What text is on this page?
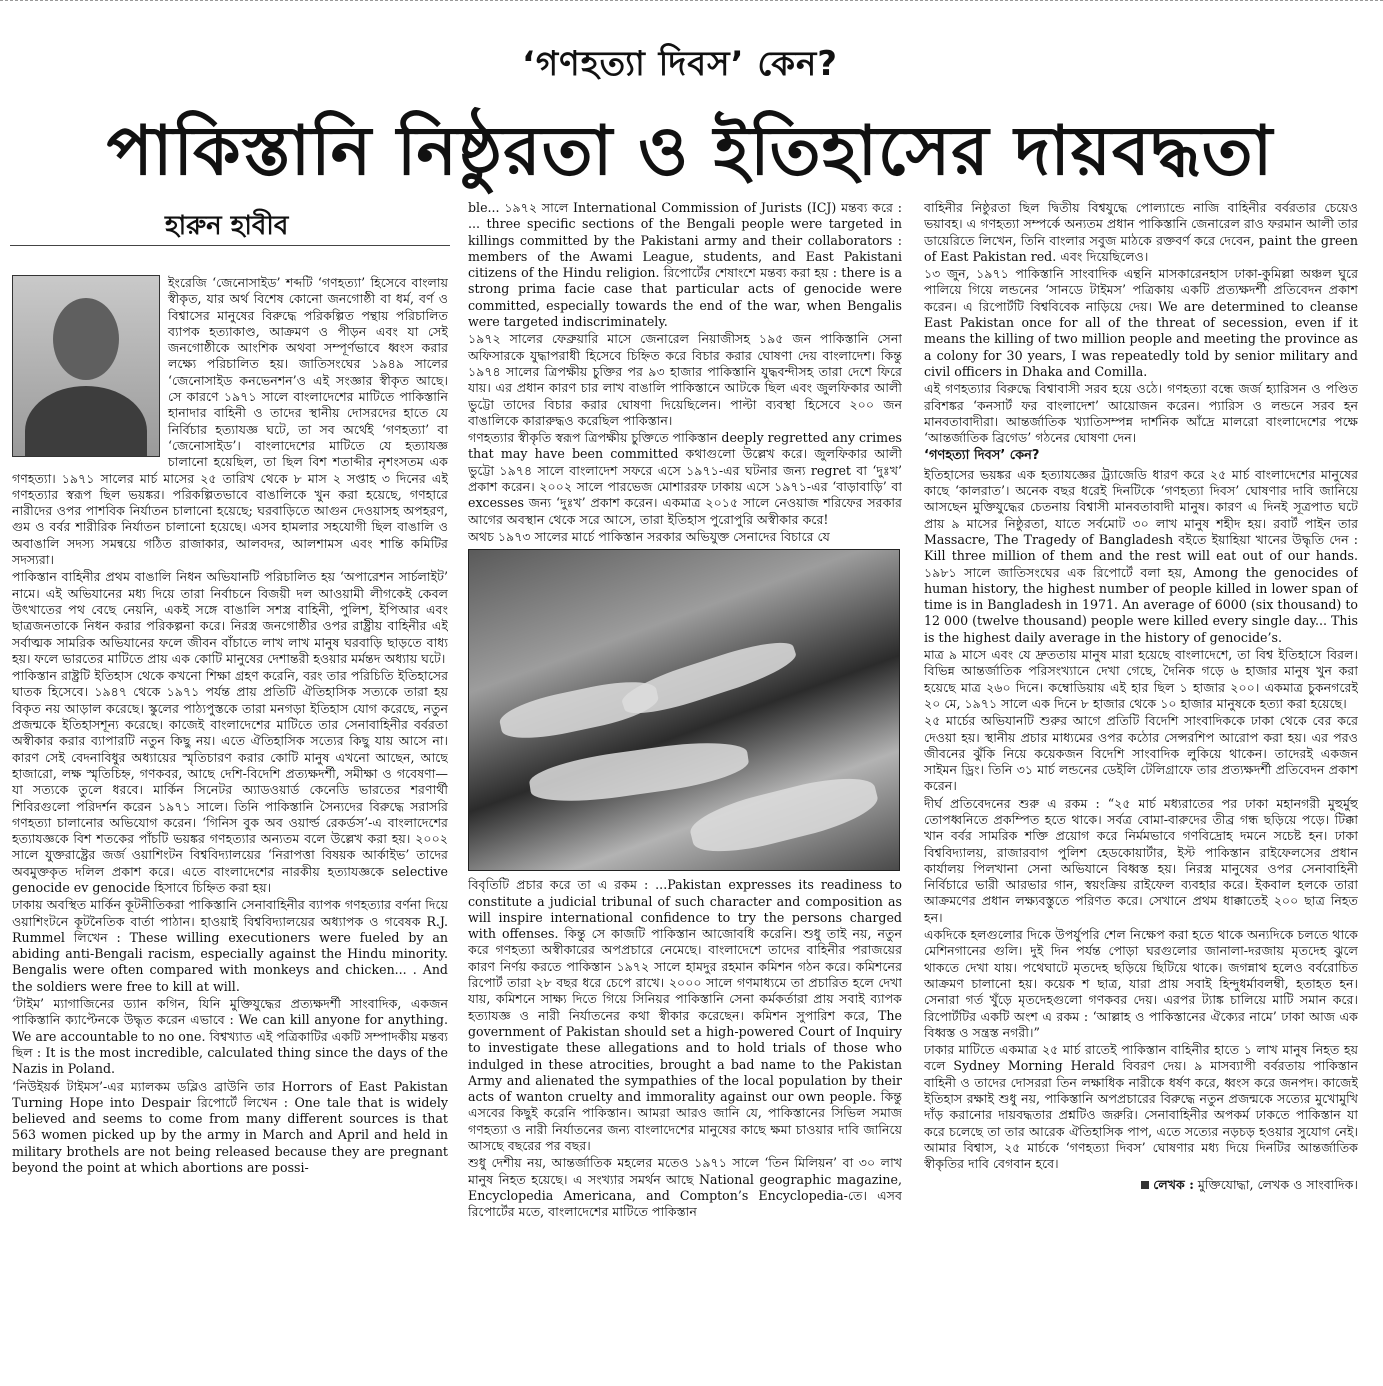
‘গণহত্যা দিবস’ কেন?
পাকিস্তানি নিষ্ঠুরতা ও ইতিহাসের দায়বদ্ধতা
হারুন হাবীব

ইংরেজি ‘জেনোসাইড’ শব্দটি ‘গণহত্যা’ হিসেবে বাংলায় স্বীকৃত, যার অর্থ বিশেষ কোনো জনগোষ্ঠী বা ধর্ম, বর্ণ ও বিশ্বাসের মানুষের বিরুদ্ধে পরিকল্পিত পন্থায় পরিচালিত ব্যাপক হত্যাকাণ্ড, আক্রমণ ও পীড়ন এবং যা সেই জনগোষ্ঠীকে আংশিক অথবা সম্পূর্ণভাবে ধ্বংস করার লক্ষ্যে পরিচালিত হয়। জাতিসংঘের ১৯৪৯ সালের ‘জেনোসাইড কনভেনশন’ও এই সংজ্ঞার স্বীকৃত আছে। সে কারণে ১৯৭১ সালে বাংলাদেশের মাটিতে পাকিস্তানি হানাদার বাহিনী ও তাদের স্থানীয় দোসরদের হাতে যে নির্বিচার হত্যাযজ্ঞ ঘটে, তা সব অর্থেই ‘গণহত্যা’ বা ‘জেনোসাইড’। বাংলাদেশের মাটিতে যে হত্যাযজ্ঞ চালানো হয়েছিল, তা ছিল বিশ শতাব্দীর নৃশংসতম এক গণহত্যা। ১৯৭১ সালের মার্চ মাসের ২৫ তারিখ থেকে ৮ মাস ২ সপ্তাহ ৩ দিনের এই গণহত্যার স্বরূপ ছিল ভয়ঙ্কর। পরিকল্পিতভাবে বাঙালিকে খুন করা হয়েছে, গণহারে নারীদের ওপর পাশবিক নির্যাতন চালানো হয়েছে; ঘরবাড়িতে আগুন দেওয়াসহ অপহরণ, গুম ও বর্বর শারীরিক নির্যাতন চালানো হয়েছে। এসব হামলার সহযোগী ছিল বাঙালি ও অবাঙালি সদস্য সমন্বয়ে গঠিত রাজাকার, আলবদর, আলশামস এবং শান্তি কমিটির সদস্যরা।

পাকিস্তান বাহিনীর প্রথম বাঙালি নিধন অভিযানটি পরিচালিত হয় ‘অপারেশন সার্চলাইট’ নামে। এই অভিযানের মধ্য দিয়ে তারা নির্বাচনে বিজয়ী দল আওয়ামী লীগকেই কেবল উৎখাতের পথ বেছে নেয়নি, একই সঙ্গে বাঙালি সশস্ত্র বাহিনী, পুলিশ, ইপিআর এবং ছাত্রজনতাকে নিধন করার পরিকল্পনা করে। নিরস্ত্র জনগোষ্ঠীর ওপর রাষ্ট্রীয় বাহিনীর এই সর্বাত্মক সামরিক অভিযানের ফলে জীবন বাঁচাতে লাখ লাখ মানুষ ঘরবাড়ি ছাড়তে বাধ্য হয়। ফলে ভারতের মাটিতে প্রায় এক কোটি মানুষের দেশান্তরী হওয়ার মর্মন্তদ অধ্যায় ঘটে।

পাকিস্তান রাষ্ট্রটি ইতিহাস থেকে কখনো শিক্ষা গ্রহণ করেনি, বরং তার পরিচিতি ইতিহাসের ঘাতক হিসেবে। ১৯৪৭ থেকে ১৯৭১ পর্যন্ত প্রায় প্রতিটি ঐতিহাসিক সত্যকে তারা হয় বিকৃত নয় আড়াল করেছে। স্কুলের পাঠ্যপুস্তকে তারা মনগড়া ইতিহাস যোগ করেছে, নতুন প্রজন্মকে ইতিহাসশূন্য করেছে। কাজেই বাংলাদেশের মাটিতে তার সেনাবাহিনীর বর্বরতা অস্বীকার করার ব্যাপারটি নতুন কিছু নয়। এতে ঐতিহাসিক সত্যের কিছু যায় আসে না। কারণ সেই বেদনাবিধুর অধ্যায়ের স্মৃতিচারণ করার কোটি মানুষ এখনো আছেন, আছে হাজারো, লক্ষ স্মৃতিচিহ্ন, গণকবর, আছে দেশি-বিদেশি প্রত্যক্ষদর্শী, সমীক্ষা ও গবেষণা— যা সত্যকে তুলে ধরবে। মার্কিন সিনেটর অ্যাডওয়ার্ড কেনেডি ভারতের শরণার্থী শিবিরগুলো পরিদর্শন করেন ১৯৭১ সালে। তিনি পাকিস্তানি সৈন্যদের বিরুদ্ধে সরাসরি গণহত্যা চালানোর অভিযোগ করেন। ‘গিনিস বুক অব ওয়ার্ল্ড রেকর্ডস’-এ বাংলাদেশের হত্যাযজ্ঞকে বিশ শতকের পাঁচটি ভয়ঙ্কর গণহত্যার অন্যতম বলে উল্লেখ করা হয়। ২০০২ সালে যুক্তরাষ্ট্রের জর্জ ওয়াশিংটন বিশ্ববিদ্যালয়ের ‘নিরাপত্তা বিষয়ক আর্কাইভ’ তাদের অবমুক্তকৃত দলিল প্রকাশ করে। এতে বাংলাদেশের নারকীয় হত্যাযজ্ঞকে selective genocide ev genocide হিসাবে চিহ্নিত করা হয়।

ঢাকায় অবস্থিত মার্কিন কূটনীতিকরা পাকিস্তানি সেনাবাহিনীর ব্যাপক গণহত্যার বর্ণনা দিয়ে ওয়াশিংটনে কূটনৈতিক বার্তা পাঠান। হাওয়াই বিশ্ববিদ্যালয়ের অধ্যাপক ও গবেষক R.J. Rummel লিখেন : These willing executioners were fueled by an abiding anti-Bengali racism, especially against the Hindu minority. Bengalis were often compared with monkeys and chicken... . And the soldiers were free to kill at will.

‘টাইম’ ম্যাগাজিনের ড্যান কগিন, যিনি মুক্তিযুদ্ধের প্রত্যক্ষদর্শী সাংবাদিক, একজন পাকিস্তানি ক্যাপ্টেনকে উদ্ধৃত করেন এভাবে : We can kill anyone for anything. We are accountable to no one. বিশ্বখ্যাত এই পত্রিকাটির একটি সম্পাদকীয় মন্তব্য ছিল : It is the most incredible, calculated thing since the days of the Nazis in Poland.

‘নিউইয়র্ক টাইমস’-এর ম্যালকম ডব্লিও ব্রাউনি তার Horrors of East Pakistan Turning Hope into Despair রিপোর্টে লিখেন : One tale that is widely believed and seems to come from many different sources is that 563 women picked up by the army in March and April and held in military brothels are not being released because they are pregnant beyond the point at which abortions are possi-

ble... ১৯৭২ সালে International Commission of Jurists (ICJ) মন্তব্য করে : ... three specific sections of the Bengali people were targeted in killings committed by the Pakistani army and their collaborators : members of the Awami League, students, and East Pakistani citizens of the Hindu religion. রিপোর্টের শেষাংশে মন্তব্য করা হয় : there is a strong prima facie case that particular acts of genocide were committed, especially towards the end of the war, when Bengalis were targeted indiscriminately.

১৯৭২ সালের ফেব্রুয়ারি মাসে জেনারেল নিয়াজীসহ ১৯৫ জন পাকিস্তানি সেনা অফিসারকে যুদ্ধাপরাধী হিসেবে চিহ্নিত করে বিচার করার ঘোষণা দেয় বাংলাদেশ। কিন্তু ১৯৭৪ সালের ত্রিপক্ষীয় চুক্তির পর ৯৩ হাজার পাকিস্তানি যুদ্ধবন্দীসহ তারা দেশে ফিরে যায়। এর প্রধান কারণ চার লাখ বাঙালি পাকিস্তানে আটকে ছিল এবং জুলফিকার আলী ভুট্টো তাদের বিচার করার ঘোষণা দিয়েছিলেন। পাল্টা ব্যবস্থা হিসেবে ২০০ জন বাঙালিকে কারারুদ্ধও করেছিল পাকিস্তান।

গণহত্যার স্বীকৃতি স্বরূপ ত্রিপক্ষীয় চুক্তিতে পাকিস্তান deeply regretted any crimes that may have been committed কথাগুলো উল্লেখ করে। জুলফিকার আলী ভুট্টো ১৯৭৪ সালে বাংলাদেশ সফরে এসে ১৯৭১-এর ঘটনার জন্য regret বা ‘দুঃখ’ প্রকাশ করেন। ২০০২ সালে পারভেজ মোশাররফ ঢাকায় এসে ১৯৭১-এর ‘বাড়াবাড়ি’ বা excesses জন্য ‘দুঃখ’ প্রকাশ করেন। একমাত্র ২০১৫ সালে নেওয়াজ শরিফের সরকার আগের অবস্থান থেকে সরে আসে, তারা ইতিহাস পুরোপুরি অস্বীকার করে!

অথচ ১৯৭৩ সালের মার্চে পাকিস্তান সরকার অভিযুক্ত সেনাদের বিচারে যে

বিবৃতিটি প্রচার করে তা এ রকম : ...Pakistan expresses its readiness to constitute a judicial tribunal of such character and composition as will inspire international confidence to try the persons charged with offenses. কিন্তু সে কাজটি পাকিস্তান আজোবধি করেনি। শুধু তাই নয়, নতুন করে গণহত্যা অস্বীকারের অপপ্রচারে নেমেছে। বাংলাদেশে তাদের বাহিনীর পরাজয়ের কারণ নির্ণয় করতে পাকিস্তান ১৯৭২ সালে হামদুর রহমান কমিশন গঠন করে। কমিশনের রিপোর্ট তারা ২৮ বছর ধরে চেপে রাখে। ২০০০ সালে গণমাধ্যমে তা প্রচারিত হলে দেখা যায়, কমিশনে সাক্ষ্য দিতে গিয়ে সিনিয়র পাকিস্তানি সেনা কর্মকর্তারা প্রায় সবাই ব্যাপক হত্যাযজ্ঞ ও নারী নির্যাতনের কথা স্বীকার করেছেন। কমিশন সুপারিশ করে, The government of Pakistan should set a high-powered Court of Inquiry to investigate these allegations and to hold trials of those who indulged in these atrocities, brought a bad name to the Pakistan Army and alienated the sympathies of the local population by their acts of wanton cruelty and immorality against our own people. কিন্তু এসবের কিছুই করেনি পাকিস্তান। আমরা আরও জানি যে, পাকিস্তানের সিভিল সমাজ গণহত্যা ও নারী নির্যাতনের জন্য বাংলাদেশের মানুষের কাছে ক্ষমা চাওয়ার দাবি জানিয়ে আসছে বছরের পর বছর।

শুধু দেশীয় নয়, আন্তর্জাতিক মহলের মতেও ১৯৭১ সালে ‘তিন মিলিয়ন’ বা ৩০ লাখ মানুষ নিহত হয়েছে। এ সংখ্যার সমর্থন আছে National geographic magazine, Encyclopedia Americana, and Compton’s Encyclopedia-তে। এসব রিপোর্টের মতে, বাংলাদেশের মাটিতে পাকিস্তান

বাহিনীর নিষ্ঠুরতা ছিল দ্বিতীয় বিশ্বযুদ্ধে পোল্যান্ডে নাজি বাহিনীর বর্বরতার চেয়েও ভয়াবহ। এ গণহত্যা সম্পর্কে অন্যতম প্রধান পাকিস্তানি জেনারেল রাও ফরমান আলী তার ডায়েরিতে লিখেন, তিনি বাংলার সবুজ মাঠকে রক্তবর্ণ করে দেবেন, paint the green of East Pakistan red. এবং দিয়েছিলেও।

১৩ জুন, ১৯৭১ পাকিস্তানি সাংবাদিক এন্থনি মাসকারেনহাস ঢাকা-কুমিল্লা অঞ্চল ঘুরে পালিয়ে গিয়ে লন্ডনের ‘সানডে টাইমস’ পত্রিকায় একটি প্রত্যক্ষদর্শী প্রতিবেদন প্রকাশ করেন। এ রিপোর্টটি বিশ্ববিবেক নাড়িয়ে দেয়। We are determined to cleanse East Pakistan once for all of the threat of secession, even if it means the killing of two million people and meeting the province as a colony for 30 years, I was repeatedly told by senior military and civil officers in Dhaka and Comilla.

এই গণহত্যার বিরুদ্ধে বিশ্বাবাসী সরব হয়ে ওঠে। গণহত্যা বন্ধে জর্জ হ্যারিসন ও পণ্ডিত রবিশঙ্কর ‘কনসার্ট ফর বাংলাদেশ’ আয়োজন করেন। প্যারিস ও লন্ডনে সরব হন মানবতাবাদীরা। আন্তর্জাতিক খ্যাতিসম্পন্ন দার্শনিক আঁদ্রে মালরো বাংলাদেশের পক্ষে ‘আন্তর্জাতিক ব্রিগেড’ গঠনের ঘোষণা দেন।

‘গণহত্যা দিবস’ কেন?

ইতিহাসের ভয়ঙ্কর এক হত্যাযজ্ঞের ট্র্যাজেডি ধারণ করে ২৫ মার্চ বাংলাদেশের মানুষের কাছে ‘কালরাত’। অনেক বছর ধরেই দিনটিকে ‘গণহত্যা দিবস’ ঘোষণার দাবি জানিয়ে আসছেন মুক্তিযুদ্ধের চেতনায় বিশ্বাসী মানবতাবাদী মানুষ। কারণ এ দিনই সূত্রপাত ঘটে প্রায় ৯ মাসের নিষ্ঠুরতা, যাতে সর্বমোট ৩০ লাখ মানুষ শহীদ হয়। রবার্ট পাইন তার Massacre, The Tragedy of Bangladesh বইতে ইয়াহিয়া খানের উদ্ধৃতি দেন : Kill three million of them and the rest will eat out of our hands. ১৯৮১ সালে জাতিসংঘের এক রিপোর্টে বলা হয়, Among the genocides of human history, the highest number of people killed in lower span of time is in Bangladesh in 1971. An average of 6000 (six thousand) to 12 000 (twelve thousand) people were killed every single day... This is the highest daily average in the history of genocide’s.

মাত্র ৯ মাসে এবং যে দ্রুততায় মানুষ মারা হয়েছে বাংলাদেশে, তা বিশ্ব ইতিহাসে বিরল। বিভিন্ন আন্তর্জাতিক পরিসংখ্যানে দেখা গেছে, দৈনিক গড়ে ৬ হাজার মানুষ খুন করা হয়েছে মাত্র ২৬০ দিনে। কম্বোডিয়ায় এই হার ছিল ১ হাজার ২০০। একমাত্র চুকনগরেই ২০ মে, ১৯৭১ সালে এক দিনে ৮ হাজার থেকে ১০ হাজার মানুষকে হত্যা করা হয়েছে।

২৫ মার্চের অভিযানটি শুরুর আগে প্রতিটি বিদেশি সাংবাদিককে ঢাকা থেকে বের করে দেওয়া হয়। স্থানীয় প্রচার মাধ্যমের ওপর কঠোর সেন্সরশিপ আরোপ করা হয়। এর পরও জীবনের ঝুঁকি নিয়ে কয়েকজন বিদেশি সাংবাদিক লুকিয়ে থাকেন। তাদেরই একজন সাইমন ড্রিং। তিনি ৩১ মার্চ লন্ডনের ডেইলি টেলিগ্রাফে তার প্রত্যক্ষদর্শী প্রতিবেদন প্রকাশ করেন।

দীর্ঘ প্রতিবেদনের শুরু এ রকম : “২৫ মার্চ মধ্যরাতের পর ঢাকা মহানগরী মুহুর্মুহু তোপধ্বনিতে প্রকম্পিত হতে থাকে। সর্বত্র বোমা-বারুদের তীব্র গন্ধ ছড়িয়ে পড়ে। টিক্কা খান বর্বর সামরিক শক্তি প্রয়োগ করে নির্মমভাবে গণবিদ্রোহ দমনে সচেষ্ট হন। ঢাকা বিশ্ববিদ্যালয়, রাজারবাগ পুলিশ হেডকোয়ার্টার, ইস্ট পাকিস্তান রাইফেলসের প্রধান কার্যালয় পিলখানা সেনা অভিযানে বিধ্বস্ত হয়। নিরস্ত্র মানুষের ওপর সেনাবাহিনী নির্বিচারে ভারী আরভার গান, স্বয়ংক্রিয় রাইফেল ব্যবহার করে। ইকবাল হলকে তারা আক্রমণের প্রধান লক্ষ্যবস্তুতে পরিণত করে। সেখানে প্রথম ধাক্কাতেই ২০০ ছাত্র নিহত হন।

একদিকে হলগুলোর দিকে উপর্যুপরি শেল নিক্ষেপ করা হতে থাকে অন্যদিকে চলতে থাকে মেশিনগানের গুলি। দুই দিন পর্যন্ত পোড়া ঘরগুলোর জানালা-দরজায় মৃতদেহ ঝুলে থাকতে দেখা যায়। পথেঘাটে মৃতদেহ ছড়িয়ে ছিটিয়ে থাকে। জগন্নাথ হলেও বর্বরোচিত আক্রমণ চালানো হয়। কয়েক শ ছাত্র, যারা প্রায় সবাই হিন্দুধর্মাবলম্বী, হতাহত হন। সেনারা গর্ত খুঁড়ে মৃতদেহগুলো গণকবর দেয়। এরপর ট্যাঙ্ক চালিয়ে মাটি সমান করে। রিপোর্টটির একটি অংশ এ রকম : ‘আল্লাহ ও পাকিস্তানের ঐক্যের নামে’ ঢাকা আজ এক বিধ্বস্ত ও সন্ত্রস্ত নগরী।”

ঢাকার মাটিতে একমাত্র ২৫ মার্চ রাতেই পাকিস্তান বাহিনীর হাতে ১ লাখ মানুষ নিহত হয় বলে Sydney Morning Herald বিবরণ দেয়। ৯ মাসব্যাপী বর্বরতায় পাকিস্তান বাহিনী ও তাদের দোসররা তিন লক্ষাধিক নারীকে ধর্ষণ করে, ধ্বংস করে জনপদ। কাজেই ইতিহাস রক্ষাই শুধু নয়, পাকিস্তানি অপপ্রচারের বিরুদ্ধে নতুন প্রজন্মকে সত্যের মুখোমুখি দাঁড় করানোর দায়বদ্ধতার প্রশ্নটিও জরুরি। সেনাবাহিনীর অপকর্ম ঢাকতে পাকিস্তান যা করে চলেছে তা তার আরেক ঐতিহাসিক পাপ, এতে সত্যের নড়চড় হওয়ার সুযোগ নেই। আমার বিশ্বাস, ২৫ মার্চকে ‘গণহত্যা দিবস’ ঘোষণার মধ্য দিয়ে দিনটির আন্তর্জাতিক স্বীকৃতির দাবি বেগবান হবে।

লেখক : মুক্তিযোদ্ধা, লেখক ও সাংবাদিক।
